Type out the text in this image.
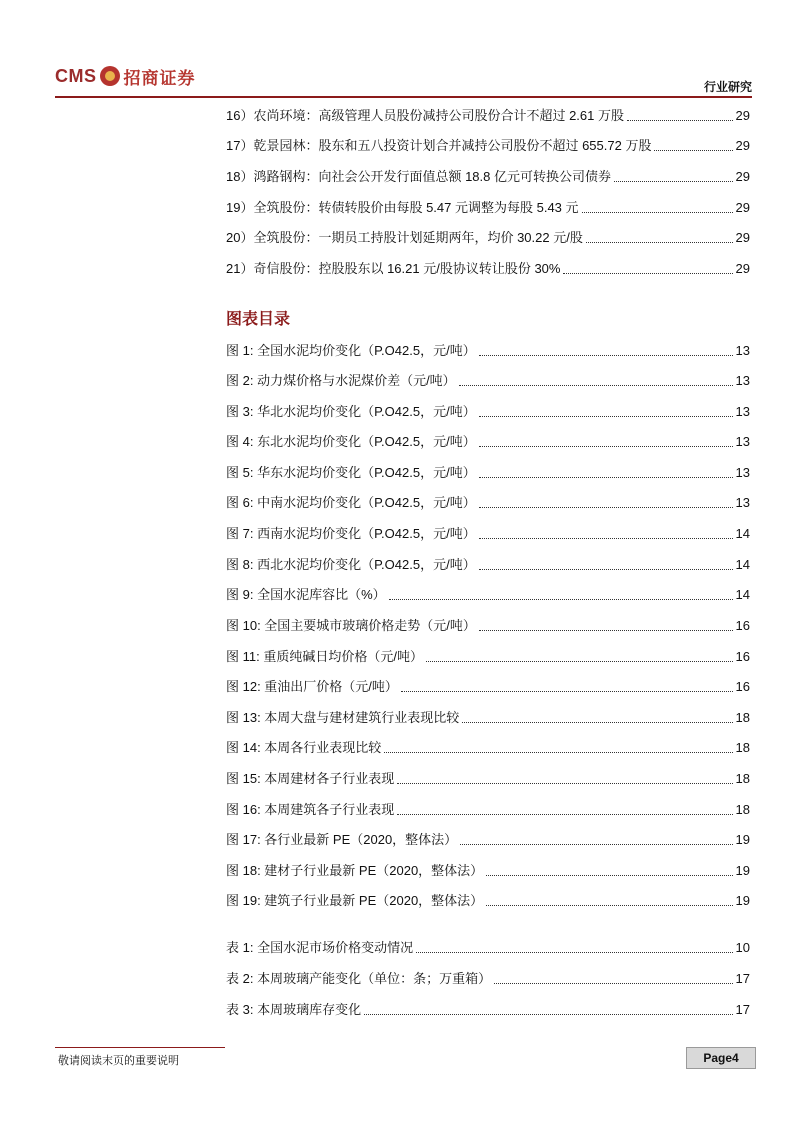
CMS 招商证券	行业研究
16）农尚环境：高级管理人员股份减持公司股份合计不超过 2.61 万股	29
17）乾景园林：股东和五八投资计划合并减持公司股份不超过 655.72 万股	29
18）鸿路钢构：向社会公开发行面值总额 18.8 亿元可转换公司债券	29
19）全筑股份：转债转股价由每股 5.47 元调整为每股 5.43 元	29
20）全筑股份：一期员工持股计划延期两年，均价 30.22 元/股	29
21）奇信股份：控股股东以 16.21 元/股协议转让股份 30%	29
图表目录
图 1: 全国水泥均价变化（P.O42.5，元/吨）	13
图 2: 动力煤价格与水泥煤价差（元/吨）	13
图 3: 华北水泥均价变化（P.O42.5，元/吨）	13
图 4: 东北水泥均价变化（P.O42.5，元/吨）	13
图 5: 华东水泥均价变化（P.O42.5，元/吨）	13
图 6: 中南水泥均价变化（P.O42.5，元/吨）	13
图 7: 西南水泥均价变化（P.O42.5，元/吨）	14
图 8: 西北水泥均价变化（P.O42.5，元/吨）	14
图 9: 全国水泥库容比（%）	14
图 10: 全国主要城市玻璃价格走势（元/吨）	16
图 11: 重质纯碱日均价格（元/吨）	16
图 12: 重油出厂价格（元/吨）	16
图 13: 本周大盘与建材建筑行业表现比较	18
图 14: 本周各行业表现比较	18
图 15: 本周建材各子行业表现	18
图 16: 本周建筑各子行业表现	18
图 17: 各行业最新 PE（2020，整体法）	19
图 18: 建材子行业最新 PE（2020，整体法）	19
图 19: 建筑子行业最新 PE（2020，整体法）	19
表 1: 全国水泥市场价格变动情况	10
表 2: 本周玻璃产能变化（单位：条；万重箱）	17
表 3: 本周玻璃库存变化	17
敬请阅读末页的重要说明	Page4
